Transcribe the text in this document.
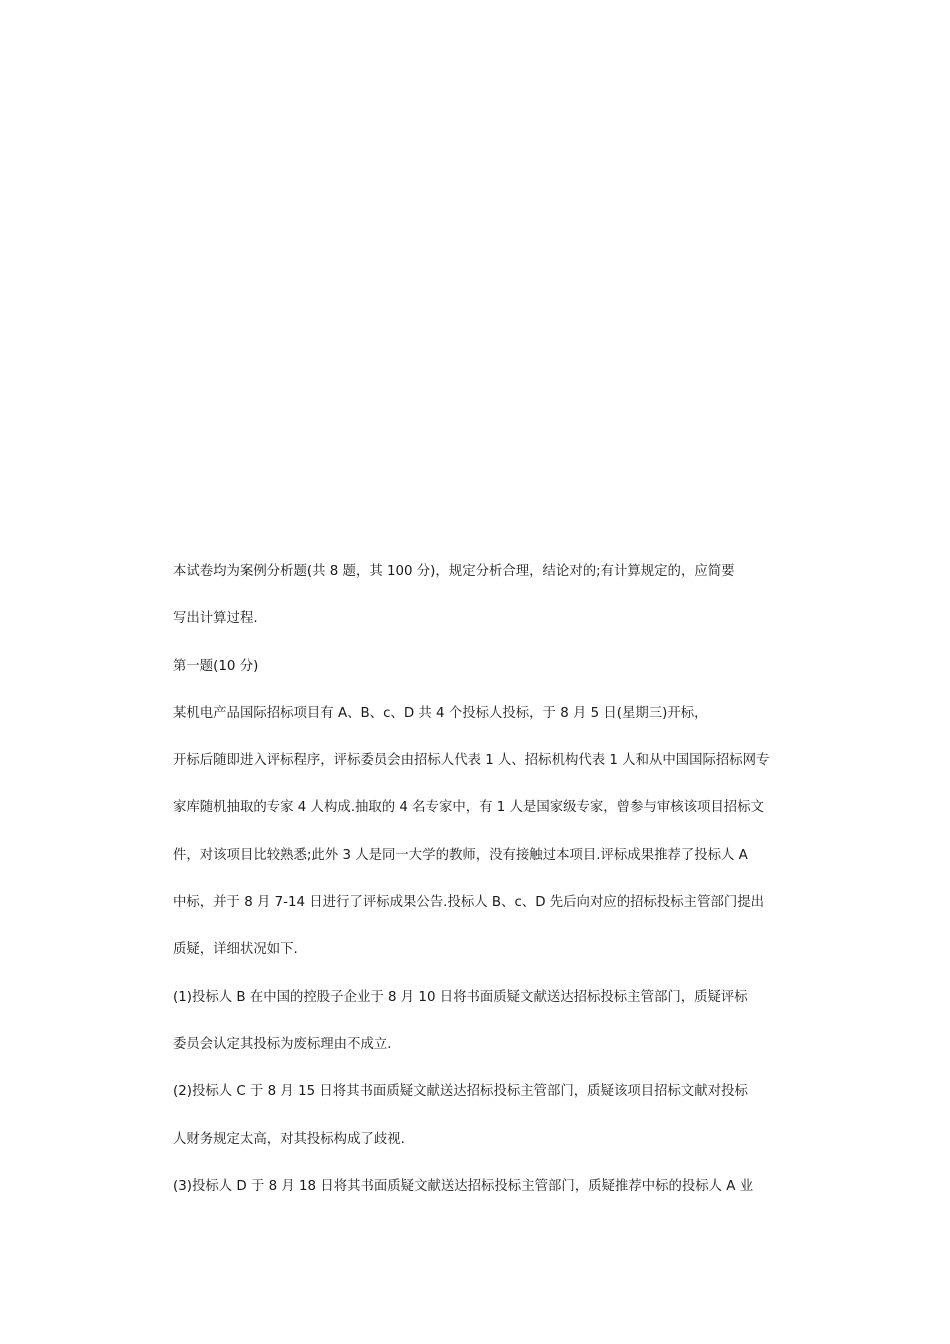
本试卷均为案例分析题(共 8 题，其 100 分)，规定分析合理，结论对的;有计算规定的，应简要
写出计算过程.
第一题(10 分)
某机电产品国际招标项目有 A、B、c、D 共 4 个投标人投标，于 8 月 5 日(星期三)开标，
开标后随即进入评标程序，评标委员会由招标人代表 1 人、招标机构代表 1 人和从中国国际招标网专
家库随机抽取的专家 4 人构成.抽取的 4 名专家中，有 1 人是国家级专家，曾参与审核该项目招标文
件，对该项目比较熟悉;此外 3 人是同一大学的教师，没有接触过本项目.评标成果推荐了投标人 A
中标，并于 8 月 7-14 日进行了评标成果公告.投标人 B、c、D 先后向对应的招标投标主管部门提出
质疑，详细状况如下.
(1)投标人 B 在中国的控股子企业于 8 月 10 日将书面质疑文献送达招标投标主管部门，质疑评标
委员会认定其投标为废标理由不成立.
(2)投标人 C 于 8 月 15 日将其书面质疑文献送达招标投标主管部门，质疑该项目招标文献对投标
人财务规定太高，对其投标构成了歧视.
(3)投标人 D 于 8 月 18 日将其书面质疑文献送达招标投标主管部门，质疑推荐中标的投标人 A 业
